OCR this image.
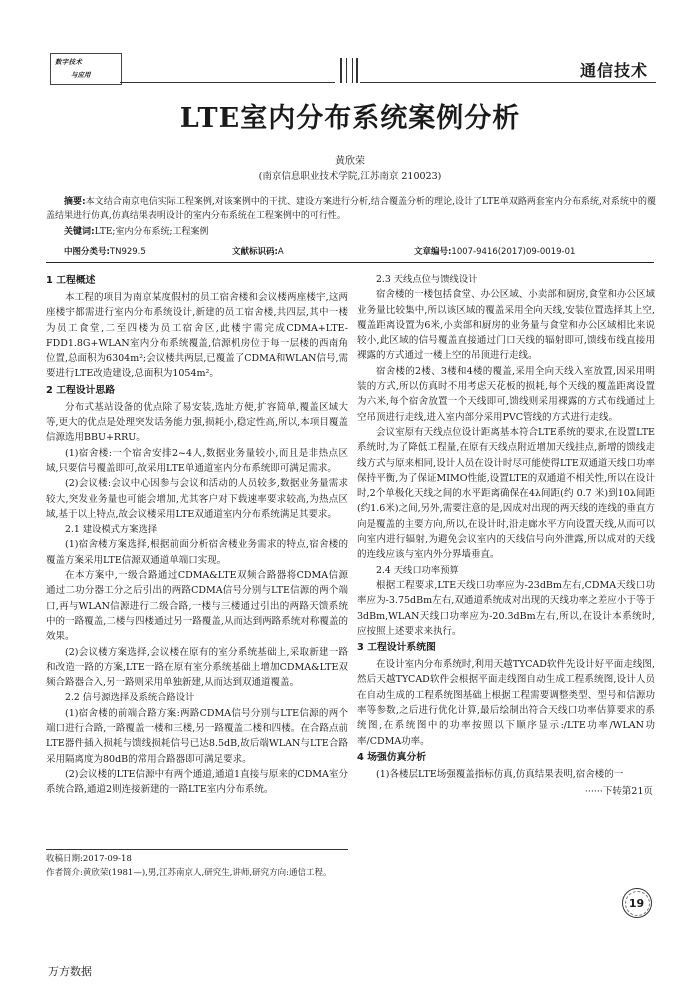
数字技术
与应用	通信技术
LTE室内分布系统案例分析
黄欣荣
(南京信息职业技术学院,江苏南京 210023)
摘要:本文结合南京电信实际工程案例,对该案例中的干扰、建设方案进行分析,结合覆盖分析的理论,设计了LTE单双路两套室内分布系统,对系统中的覆盖结果进行仿真,仿真结果表明设计的室内分布系统在工程案例中的可行性。
关键词:LTE;室内分布系统;工程案例
中图分类号:TN929.5	文献标识码:A	文章编号:1007-9416(2017)09-0019-01
1 工程概述

本工程的项目为南京某度假村的员工宿舍楼和会议楼两座楼宇,这两座楼宇都需进行室内分布系统设计,新建的员工宿舍楼,共四层,其中一楼为员工食堂,二至四楼为员工宿舍区,此楼宇需完成CDMA+LTE-FDD1.8G+WLAN室内分布系统覆盖,信源机房位于每一层楼的西南角位置,总面积为6304m²;会议楼共两层,已覆盖了CDMA和WLAN信号,需要进行LTE改造建设,总面积为1054m²。

2 工程设计思路

分布式基站设备的优点除了易安装,选址方便,扩容简单,覆盖区域大等,更大的优点是处理突发话务能力强,损耗小,稳定性高,所以,本项目覆盖信源选用BBU+RRU。

(1)宿舍楼:一个宿舍安排2~4人,数据业务量较小,而且是非热点区域,只要信号覆盖即可,故采用LTE单通道室内分布系统即可满足需求。

(2)会议楼:会议中心因参与会议和活动的人员较多,数据业务量需求较大,突发业务量也可能会增加,尤其客户对下载速率要求较高,为热点区域,基于以上特点,故会议楼采用LTE双通道室内分布系统满足其要求。

2.1 建设模式方案选择

(1)宿舍楼方案选择,根据前面分析宿舍楼业务需求的特点,宿舍楼的覆盖方案采用LTE信源双通道单端口实现。

在本方案中,一级合路通过CDMA&LTE双频合路器将CDMA信源通过二功分器工分之后引出的两路CDMA信号分别与LTE信源的两个端口,再与WLAN信源进行二级合路,一楼与三楼通过引出的两路天馈系统中的一路覆盖,二楼与四楼通过另一路覆盖,从而达到两路系统对称覆盖的效果。

(2)会议楼方案选择,会议楼在原有的室分系统基础上,采取新建一路和改造一路的方案,LTE一路在原有室分系统基础上增加CDMA&LTE双频合路器合入,另一路则采用单独新建,从而达到双通道覆盖。

2.2 信号源选择及系统合路设计

(1)宿舍楼的前端合路方案:两路CDMA信号分别与LTE信源的两个端口进行合路,一路覆盖一楼和三楼,另一路覆盖二楼和四楼。在合路点前LTE器件插入损耗与馈线损耗信号已达8.5dB,故后端WLAN与LTE合路采用隔离度为80dB的常用合路器即可满足要求。

(2)会议楼的LTE信源中有两个通道,通道1直接与原来的CDMA室分系统合路,通道2则连接新建的一路LTE室内分布系统。

2.3 天线点位与馈线设计

宿舍楼的一楼包括食堂、办公区域、小卖部和厨房,食堂和办公区域业务量比较集中,所以该区域的覆盖采用全向天线,安装位置选择其上空,覆盖距离设置为6米,小卖部和厨房的业务量与食堂和办公区域相比来说较小,此区域的信号覆盖直接通过门口天线的辐射即可,馈线布线直接用裸露的方式通过一楼上空的吊顶进行走线。

宿舍楼的2楼、3楼和4楼的覆盖,采用全向天线入室放置,因采用明装的方式,所以仿真时不用考虑天花板的损耗,每个天线的覆盖距离设置为六米,每个宿舍放置一个天线即可,馈线则采用裸露的方式布线通过上空吊顶进行走线,进入室内部分采用PVC管线的方式进行走线。

会议室原有天线点位设计距离基本符合LTE系统的要求,在设置LTE系统时,为了降低工程量,在原有天线点附近增加天线挂点,新增的馈线走线方式与原来相同,设计人员在设计时尽可能使得LTE双通道天线口功率保持平衡,为了保证MIMO性能,设置LTE的双通道不相关性,所以在设计时,2个单极化天线之间的水平距离确保在4λ间距(约 0.7 米)到10λ间距(约1.6米)之间,另外,需要注意的是,因成对出现的两天线的连线的垂直方向是覆盖的主要方向,所以,在设计时,沿走廊水平方向设置天线,从而可以向室内进行辐射,为避免会议室内的天线信号向外泄露,所以成对的天线的连线应该与室内外分界墙垂直。

2.4 天线口功率预算

根据工程要求,LTE天线口功率应为-23dBm左右,CDMA天线口功率应为-3.75dBm左右,双通道系统成对出现的天线功率之差应小于等于3dBm,WLAN天线口功率应为-20.3dBm左右,所以,在设计本系统时,应按照上述要求来执行。

3 工程设计系统图

在设计室内分布系统时,利用天越TYCAD软件先设计好平面走线图,然后天越TYCAD软件会根据平面走线图自动生成工程系统图,设计人员在自动生成的工程系统图基础上根据工程需要调整类型、型号和信源功率等参数,之后进行优化计算,最后绘制出符合天线口功率估算要求的系统图,在系统图中的功率按照以下顺序显示:/LTE功率/WLAN功率/CDMA功率。

4 场强仿真分析

(1)各楼层LTE场强覆盖指标仿真,仿真结果表明,宿舍楼的一

······下转第21页
收稿日期:2017-09-18
作者简介:黄欣荣(1981—),男,江苏南京人,研究生,讲师,研究方向:通信工程。
19
万方数据
